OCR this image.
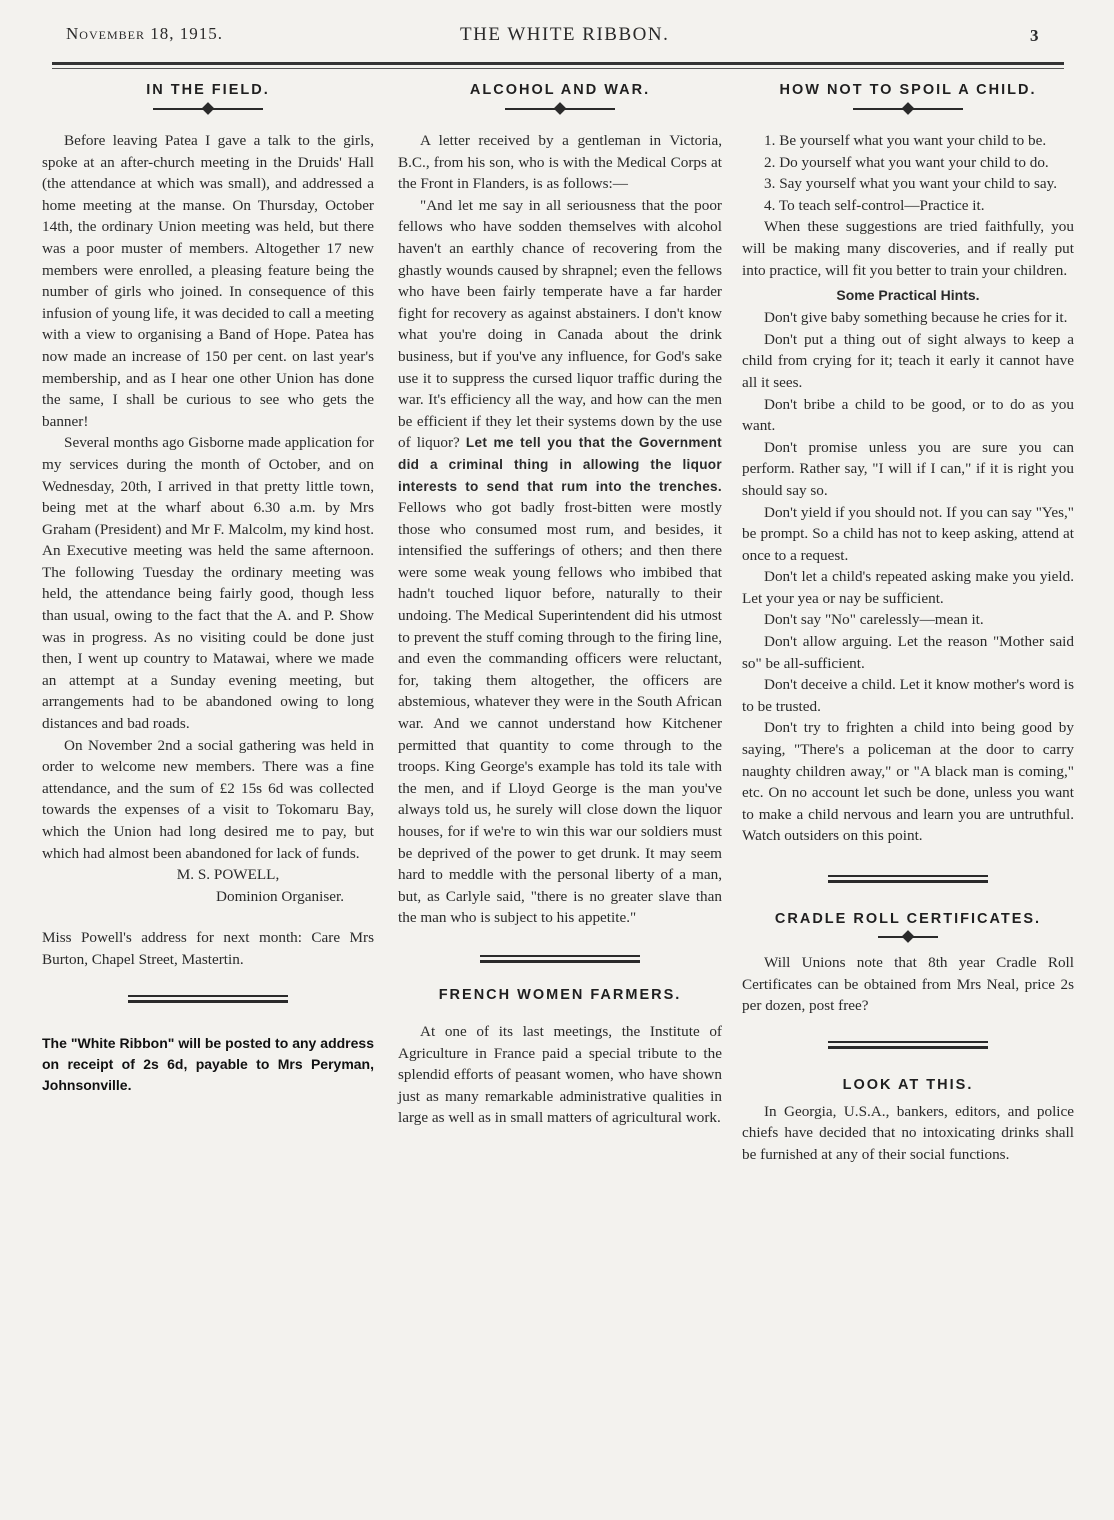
November 18, 1915.	THE WHITE RIBBON.	3
IN THE FIELD.

Before leaving Patea I gave a talk to the girls, spoke at an after-church meeting in the Druids' Hall (the attendance at which was small), and addressed a home meeting at the manse. On Thursday, October 14th, the ordinary Union meeting was held, but there was a poor muster of members. Altogether 17 new members were enrolled, a pleasing feature being the number of girls who joined. In consequence of this infusion of young life, it was decided to call a meeting with a view to organising a Band of Hope. Patea has now made an increase of 150 per cent. on last year's membership, and as I hear one other Union has done the same, I shall be curious to see who gets the banner!

Several months ago Gisborne made application for my services during the month of October, and on Wednesday, 20th, I arrived in that pretty little town, being met at the wharf about 6.30 a.m. by Mrs Graham (President) and Mr F. Malcolm, my kind host. An Executive meeting was held the same afternoon. The following Tuesday the ordinary meeting was held, the attendance being fairly good, though less than usual, owing to the fact that the A. and P. Show was in progress. As no visiting could be done just then, I went up country to Matawai, where we made an attempt at a Sunday evening meeting, but arrangements had to be abandoned owing to long distances and bad roads.

On November 2nd a social gathering was held in order to welcome new members. There was a fine attendance, and the sum of £2 15s 6d was collected towards the expenses of a visit to Tokomaru Bay, which the Union had long desired me to pay, but which had almost been abandoned for lack of funds.

M. S. POWELL,
Dominion Organiser.

Miss Powell's address for next month: Care Mrs Burton, Chapel Street, Mastertin.

The "White Ribbon" will be posted to any address on receipt of 2s 6d, payable to Mrs Peryman, Johnsonville.

ALCOHOL AND WAR.

A letter received by a gentleman in Victoria, B.C., from his son, who is with the Medical Corps at the Front in Flanders, is as follows:—

"And let me say in all seriousness that the poor fellows who have sodden themselves with alcohol haven't an earthly chance of recovering from the ghastly wounds caused by shrapnel; even the fellows who have been fairly temperate have a far harder fight for recovery as against abstainers. I don't know what you're doing in Canada about the drink business, but if you've any influence, for God's sake use it to suppress the cursed liquor traffic during the war. It's efficiency all the way, and how can the men be efficient if they let their systems down by the use of liquor? Let me tell you that the Government did a criminal thing in allowing the liquor interests to send that rum into the trenches. Fellows who got badly frost-bitten were mostly those who consumed most rum, and besides, it intensified the sufferings of others; and then there were some weak young fellows who imbibed that hadn't touched liquor before, naturally to their undoing. The Medical Superintendent did his utmost to prevent the stuff coming through to the firing line, and even the commanding officers were reluctant, for, taking them altogether, the officers are abstemious, whatever they were in the South African war. And we cannot understand how Kitchener permitted that quantity to come through to the troops. King George's example has told its tale with the men, and if Lloyd George is the man you've always told us, he surely will close down the liquor houses, for if we're to win this war our soldiers must be deprived of the power to get drunk. It may seem hard to meddle with the personal liberty of a man, but, as Carlyle said, "there is no greater slave than the man who is subject to his appetite."

FRENCH WOMEN FARMERS.

At one of its last meetings, the Institute of Agriculture in France paid a special tribute to the splendid efforts of peasant women, who have shown just as many remarkable administrative qualities in large as well as in small matters of agricultural work.

HOW NOT TO SPOIL A CHILD.

1. Be yourself what you want your child to be.

2. Do yourself what you want your child to do.

3. Say yourself what you want your child to say.

4. To teach self-control—Practice it.

When these suggestions are tried faithfully, you will be making many discoveries, and if really put into practice, will fit you better to train your children.

Some Practical Hints.

Don't give baby something because he cries for it.

Don't put a thing out of sight always to keep a child from crying for it; teach it early it cannot have all it sees.

Don't bribe a child to be good, or to do as you want.

Don't promise unless you are sure you can perform. Rather say, "I will if I can," if it is right you should say so.

Don't yield if you should not. If you can say "Yes," be prompt. So a child has not to keep asking, attend at once to a request.

Don't let a child's repeated asking make you yield. Let your yea or nay be sufficient.

Don't say "No" carelessly—mean it.

Don't allow arguing. Let the reason "Mother said so" be all-sufficient.

Don't deceive a child. Let it know mother's word is to be trusted.

Don't try to frighten a child into being good by saying, "There's a policeman at the door to carry naughty children away," or "A black man is coming," etc. On no account let such be done, unless you want to make a child nervous and learn you are untruthful. Watch outsiders on this point.

CRADLE ROLL CERTIFICATES.

Will Unions note that 8th year Cradle Roll Certificates can be obtained from Mrs Neal, price 2s per dozen, post free?

LOOK AT THIS.

In Georgia, U.S.A., bankers, editors, and police chiefs have decided that no intoxicating drinks shall be furnished at any of their social functions.
